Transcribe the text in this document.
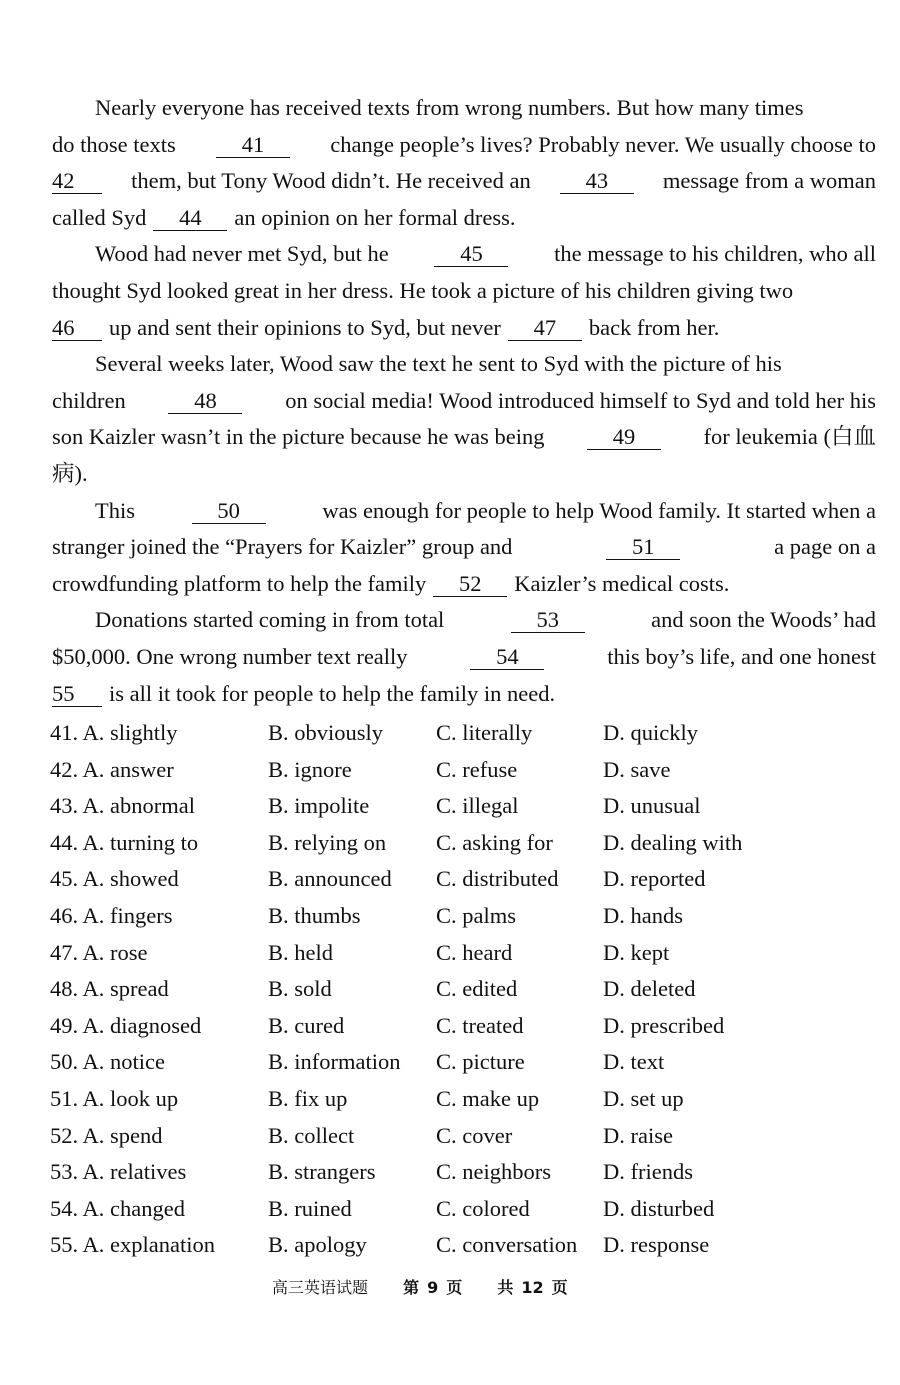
Nearly everyone has received texts from wrong numbers. But how many times
do those texts	41	change people’s lives? Probably never. We usually choose to
42	them, but Tony Wood didn’t. He received an	43	message from a woman
called Syd	44	an opinion on her formal dress.
Wood had never met Syd, but he	45	the message to his children, who all
thought Syd looked great in her dress. He took a picture of his children giving two
46	up and sent their opinions to Syd, but never	47	back from her.
Several weeks later, Wood saw the text he sent to Syd with the picture of his
children	48	on social media! Wood introduced himself to Syd and told her his
son Kaizler wasn’t in the picture because he was being	49	for leukemia (白血
病).
This	50	was enough for people to help Wood family. It started when a
stranger joined the “Prayers for Kaizler” group and	51	a page on a
crowdfunding platform to help the family	52	Kaizler’s medical costs.
Donations started coming in from total	53	and soon the Woods’ had
$50,000. One wrong number text really	54	this boy’s life, and one honest
55	is all it took for people to help the family in need.
41. A. slightly	B. obviously C. literally	D. quickly
42. A. answer	B. ignore	C. refuse	D. save
43. A. abnormal	B. impolite	C. illegal	D. unusual
44. A. turning to	B. relying on C. asking for D. dealing with
45. A. showed	B. announced C. distributed D. reported
46. A. fingers	B. thumbs	C. palms	D. hands
47. A. rose	B. held	C. heard	D. kept
48. A. spread	B. sold	C. edited	D. deleted
49. A. diagnosed	B. cured	C. treated	D. prescribed
50. A. notice	B. information C. picture	D. text
51. A. look up	B. fix up	C. make up	D. set up
52. A. spend	B. collect	C. cover	D. raise
53. A. relatives	B. strangers	C. neighbors D. friends
54. A. changed	B. ruined	C. colored	D. disturbed
55. A. explanation B. apology	C. conversation D. response
高三英语试题 第 9 页 共 12 页
